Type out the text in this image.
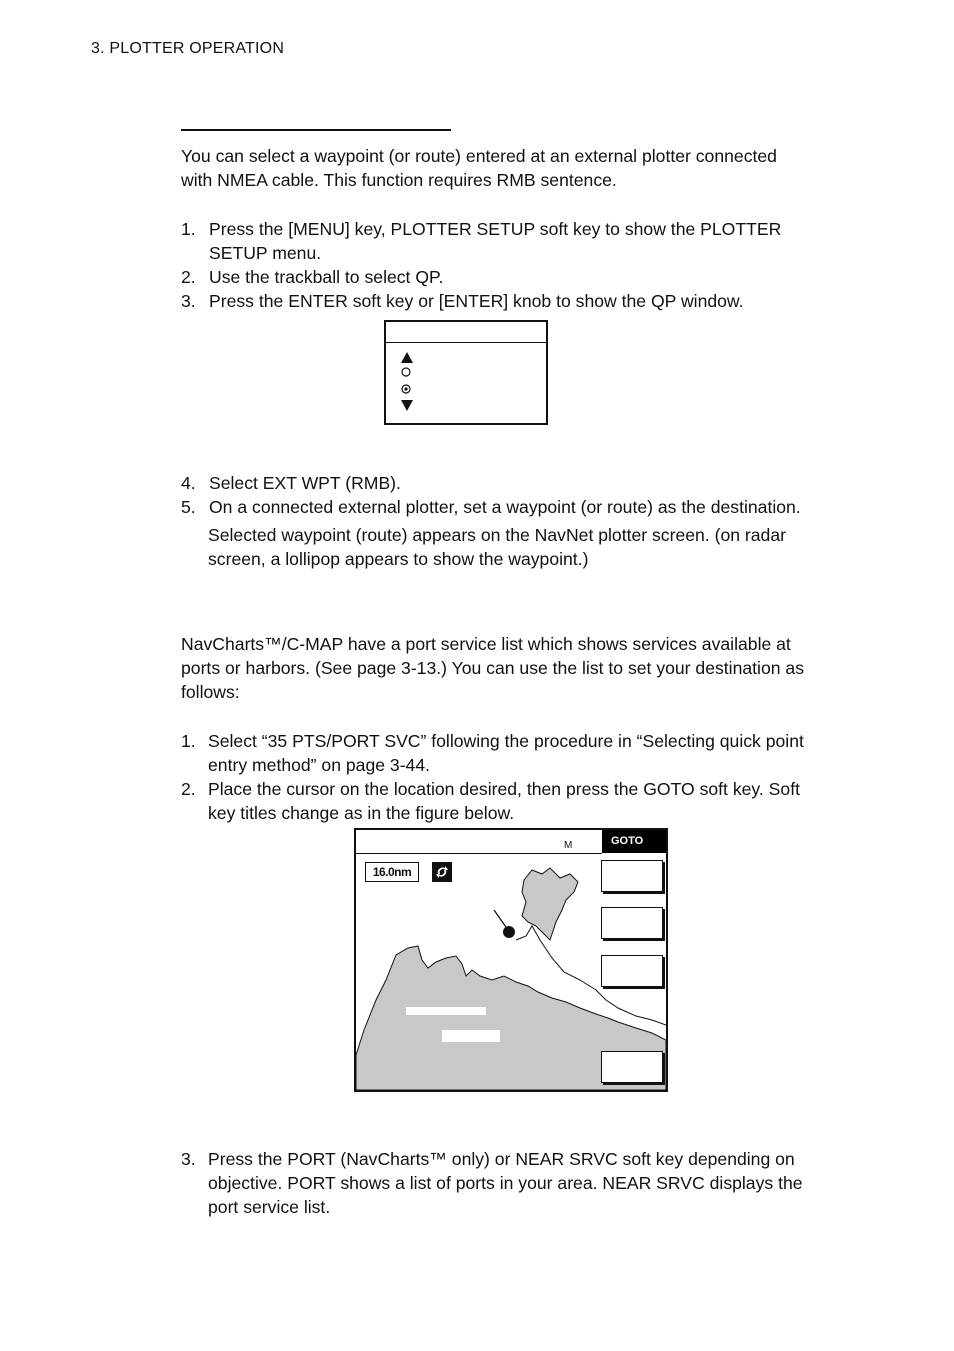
3. PLOTTER OPERATION
You can select a waypoint (or route) entered at an external plotter connected
with NMEA cable. This function requires RMB sentence.
1. Press the [MENU] key, PLOTTER SETUP soft key to show the PLOTTER
SETUP menu.
2. Use the trackball to select QP.
3. Press the ENTER soft key or [ENTER] knob to show the QP window.
4. Select EXT WPT (RMB).
5. On a connected external plotter, set a waypoint (or route) as the destination.
Selected waypoint (route) appears on the NavNet plotter screen. (on radar
screen, a lollipop appears to show the waypoint.)
NavCharts™/C-MAP have a port service list which shows services available at
ports or harbors. (See page 3-13.) You can use the list to set your destination as
follows:
1. Select “35 PTS/PORT SVC” following the procedure in “Selecting quick point
entry method” on page 3-44.
2. Place the cursor on the location desired, then press the GOTO soft key. Soft
key titles change as in the figure below.
M	GOTO
16.0nm
3. Press the PORT (NavCharts™ only) or NEAR SRVC soft key depending on
objective. PORT shows a list of ports in your area. NEAR SRVC displays the
port service list.
